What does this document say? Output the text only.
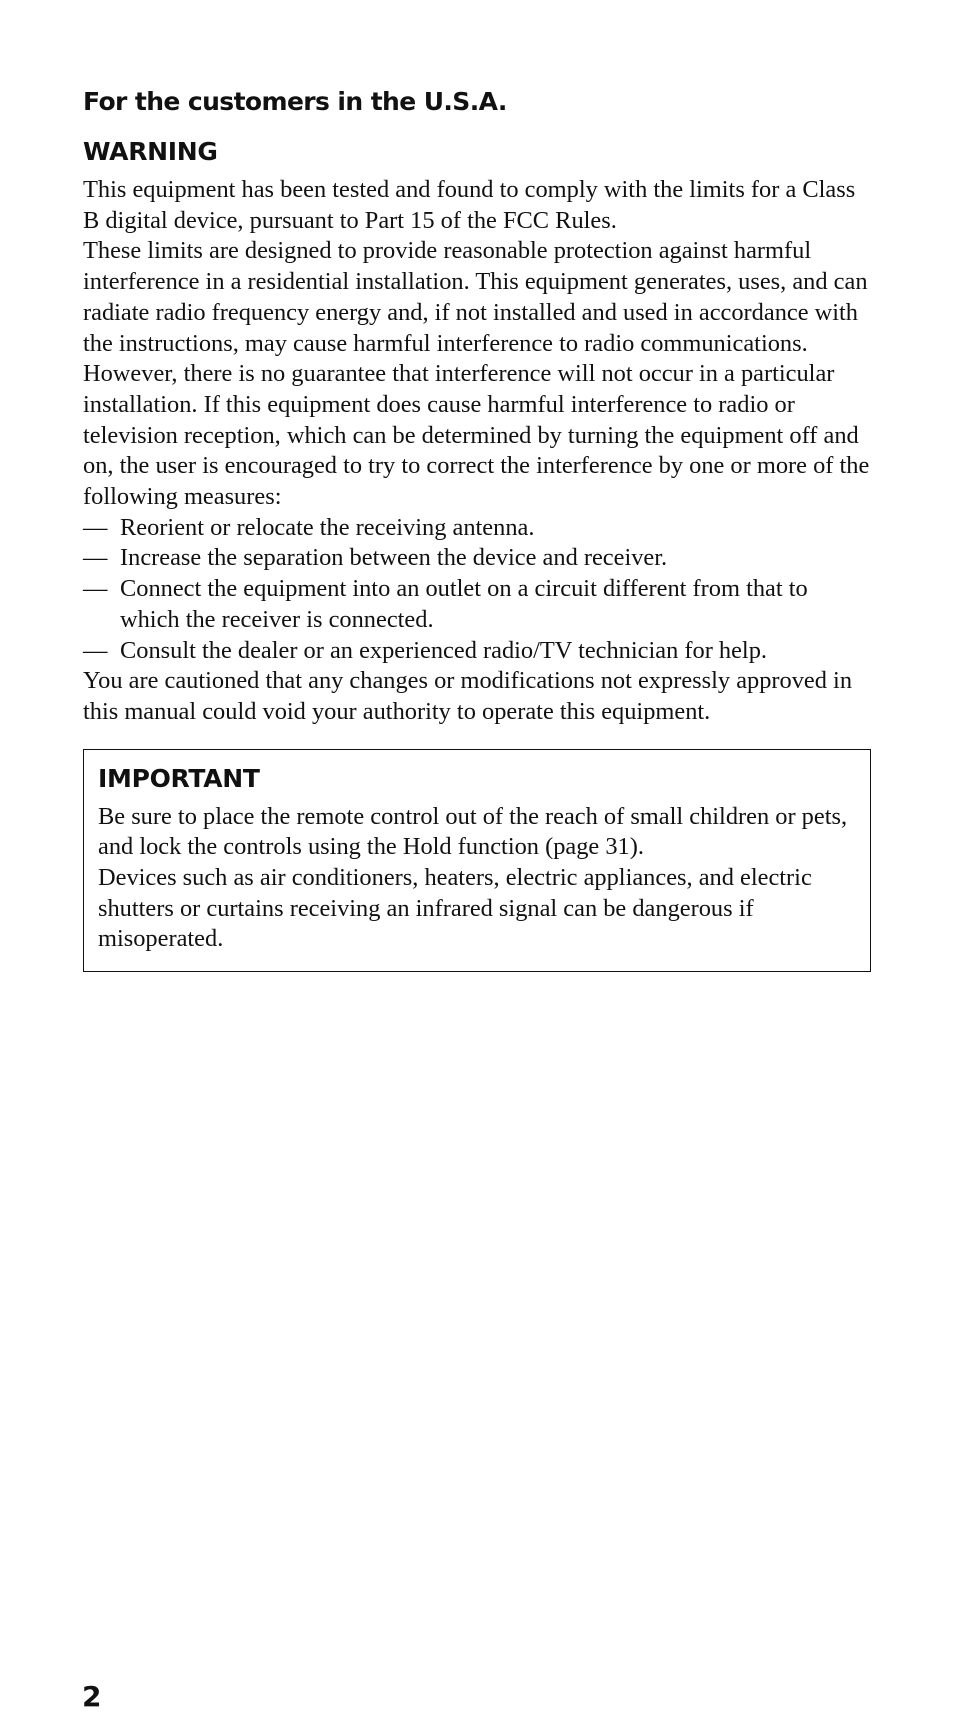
For the customers in the U.S.A.
WARNING

This equipment has been tested and found to comply with the limits for a Class B digital device, pursuant to Part 15 of the FCC Rules.

These limits are designed to provide reasonable protection against harmful interference in a residential installation. This equipment generates, uses, and can radiate radio frequency energy and, if not installed and used in accordance with the instructions, may cause harmful interference to radio communications. However, there is no guarantee that interference will not occur in a particular installation. If this equipment does cause harmful interference to radio or television reception, which can be determined by turning the equipment off and on, the user is encouraged to try to correct the interference by one or more of the following measures:

— Reorient or relocate the receiving antenna.
— Increase the separation between the device and receiver.
— Connect the equipment into an outlet on a circuit different from that to which the receiver is connected.
— Consult the dealer or an experienced radio/TV technician for help.

You are cautioned that any changes or modifications not expressly approved in this manual could void your authority to operate this equipment.

IMPORTANT

Be sure to place the remote control out of the reach of small children or pets, and lock the controls using the Hold function (page 31).

Devices such as air conditioners, heaters, electric appliances, and electric shutters or curtains receiving an infrared signal can be dangerous if misoperated.

2
